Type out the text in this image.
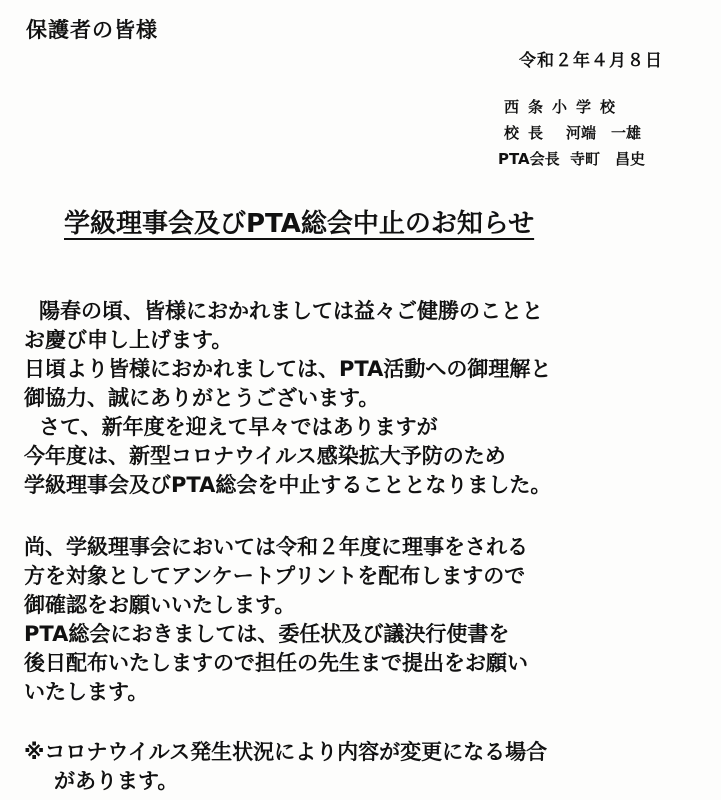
保護者の皆様
令和２年４月８日
西条小学校
校長 河端　一雄
PTA会長 寺町　昌史
学級理事会及びPTA総会中止のお知らせ

陽春の頃、皆様におかれましては益々ご健勝のことと

お慶び申し上げます。

日頃より皆様におかれましては、PTA活動への御理解と

御協力、誠にありがとうございます。

さて、新年度を迎えて早々ではありますが

今年度は、新型コロナウイルス感染拡大予防のため

学級理事会及びPTA総会を中止することとなりました。

尚、学級理事会においては令和２年度に理事をされる

方を対象としてアンケートプリントを配布しますので

御確認をお願いいたします。

PTA総会におきましては、委任状及び議決行使書を

後日配布いたしますので担任の先生まで提出をお願い

いたします。

※コロナウイルス発生状況により内容が変更になる場合

があります。
